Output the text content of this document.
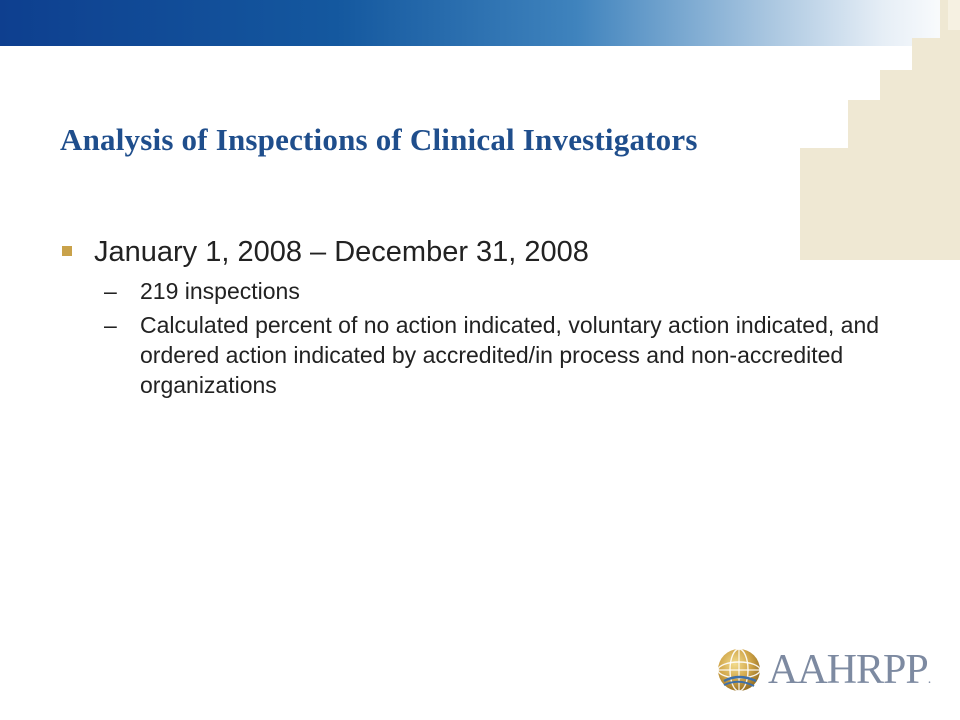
Analysis of Inspections of Clinical Investigators
January 1, 2008 – December 31, 2008
– 219 inspections
– Calculated percent of no action indicated, voluntary action indicated, and ordered action indicated by accredited/in process and non-accredited organizations
AAHRPP .
